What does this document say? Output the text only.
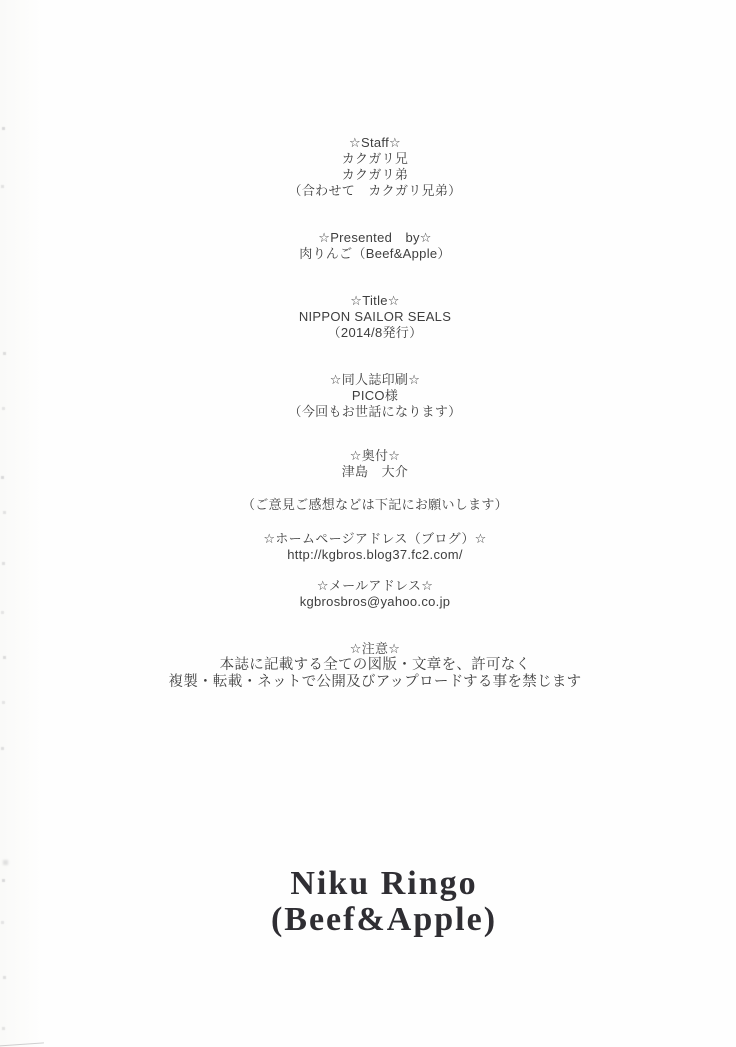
☆Staff☆
カクガリ兄
カクガリ弟
（合わせて　カクガリ兄弟）
☆Presented　by☆
肉りんご（Beef&Apple）
☆Title☆
NIPPON SAILOR SEALS
（2014/8発行）
☆同人誌印刷☆
PICO様
（今回もお世話になります）
☆奥付☆
津島　大介
（ご意見ご感想などは下記にお願いします）
☆ホームページアドレス（ブログ）☆
http://kgbros.blog37.fc2.com/
☆メールアドレス☆
kgbrosbros@yahoo.co.jp
☆注意☆
本誌に記載する全ての図版・文章を、許可なく
複製・転載・ネットで公開及びアップロードする事を禁じます
Niku Ringo
(Beef&Apple)
